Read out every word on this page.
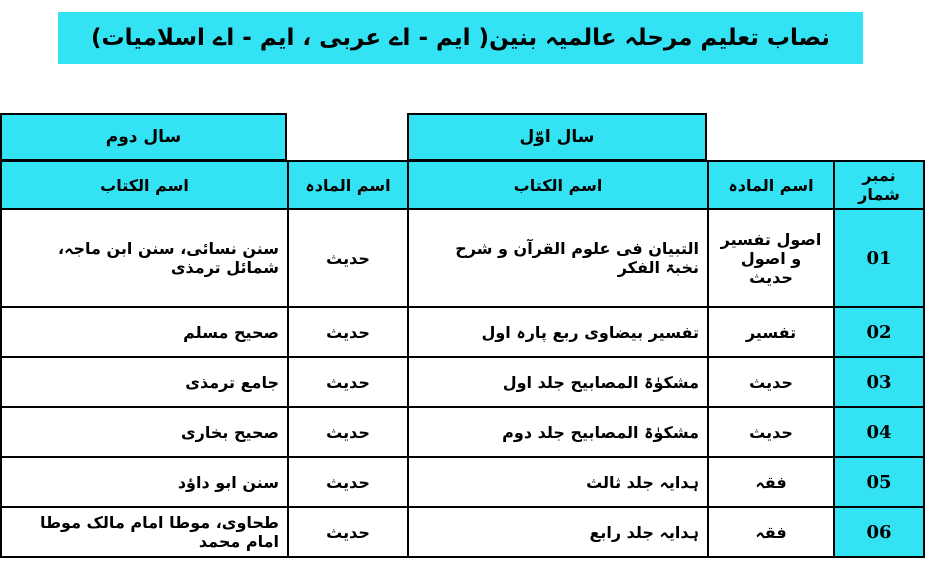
نصاب تعلیم مرحلہ عالمیہ بنین( ایم - اے عربی ، ایم - اے اسلامیات)
سال اوّل
سال دوم
اسم الکتاب	اسم المادہ	اسم الکتاب	اسم المادہ	نمبر شمار
سنن نسائی، سنن ابن ماجہ، شمائل ترمذی	حدیث	التبیان فی علوم القرآن و شرح نخبۃ الفکر	اصول تفسیر و اصول حدیث	01
صحیح مسلم	حدیث	تفسیر بیضاوی ربع پارہ اول	تفسیر	02
جامع ترمذی	حدیث	مشکوٰۃ المصابیح جلد اول	حدیث	03
صحیح بخاری	حدیث	مشکوٰۃ المصابیح جلد دوم	حدیث	04
سنن ابو داؤد	حدیث	ہدایہ جلد ثالث	فقہ	05
طحاوی، موطا امام مالک موطا امام محمد	حدیث	ہدایہ جلد رابع	فقہ	06
